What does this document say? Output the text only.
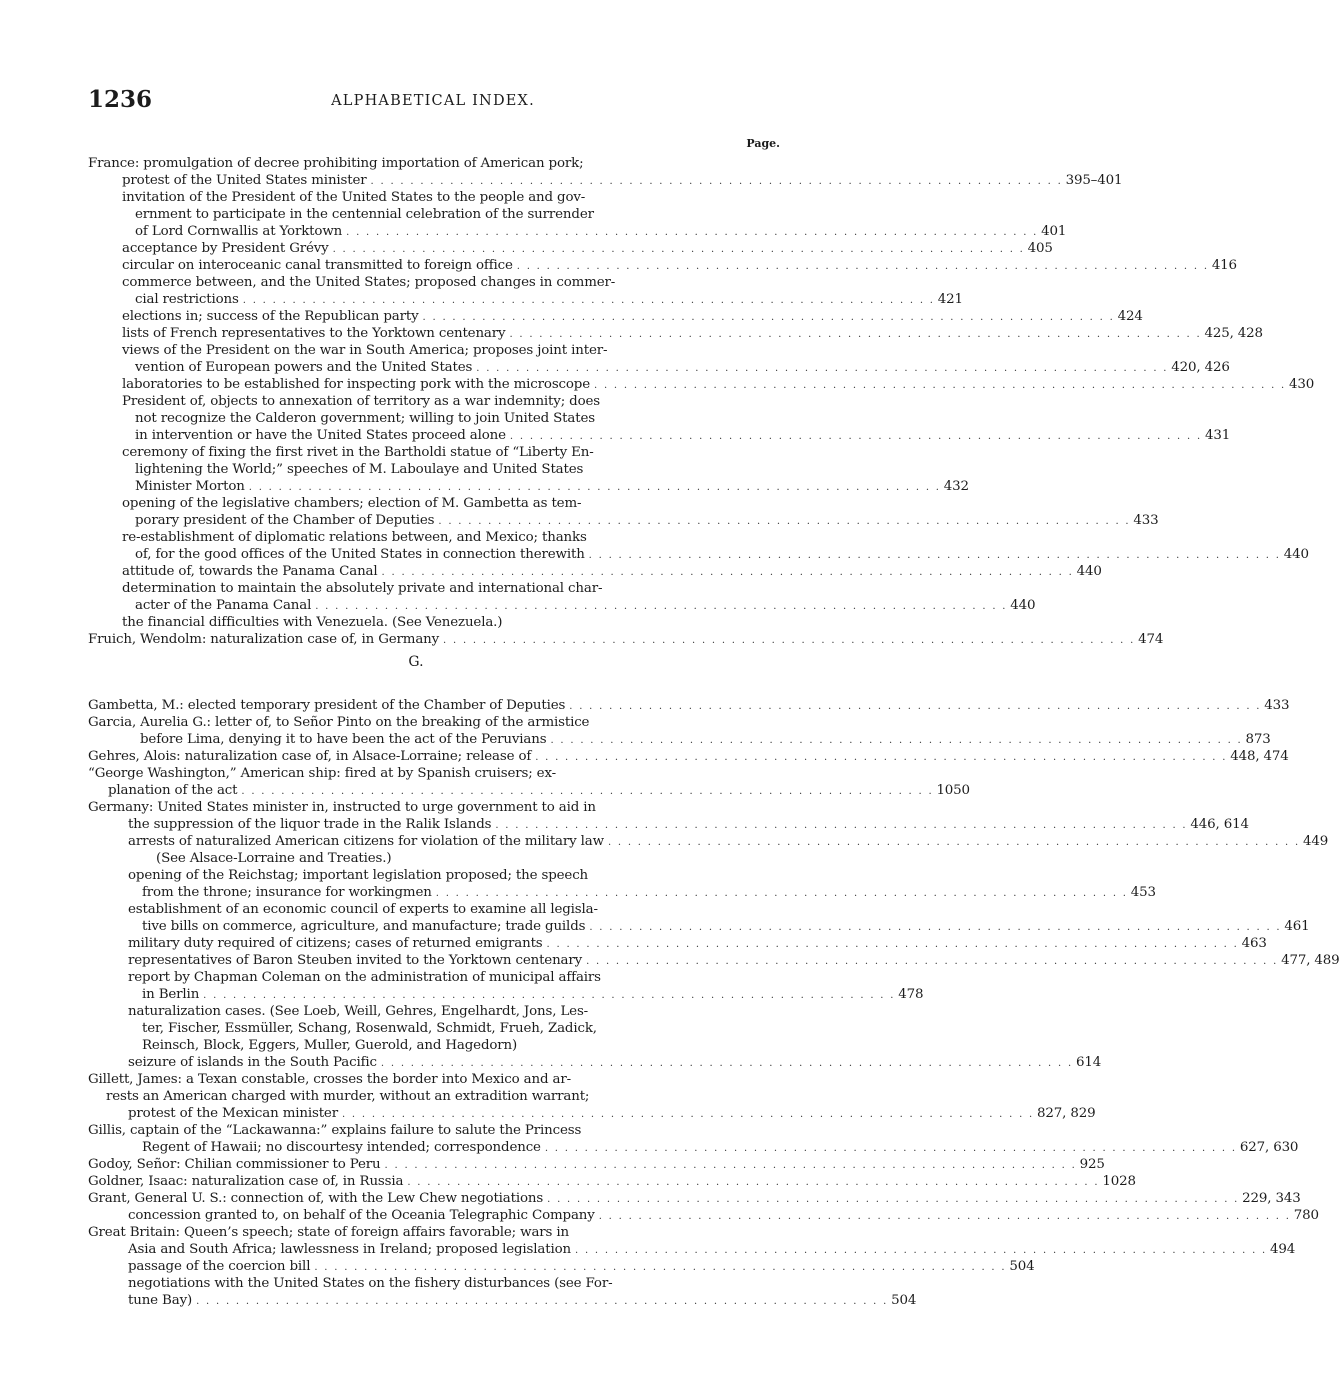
1236	ALPHABETICAL INDEX.
Page.
G.
France: promulgation of decree prohibiting importation of American pork;
protest of the United States minister . . . . . . . . . . . . . . . . . . . . . . . . . . . . . . . . . . . . . . . . . . . . . . . . . . . . . . . . . . . . . . . . . . . . . . 395–401
invitation of the President of the United States to the people and gov-
ernment to participate in the centennial celebration of the surrender
of Lord Cornwallis at Yorktown . . . . . . . . . . . . . . . . . . . . . . . . . . . . . . . . . . . . . . . . . . . . . . . . . . . . . . . . . . . . . . . . . . . . . . 401
acceptance by President Grévy . . . . . . . . . . . . . . . . . . . . . . . . . . . . . . . . . . . . . . . . . . . . . . . . . . . . . . . . . . . . . . . . . . . . . . 405
circular on interoceanic canal transmitted to foreign office . . . . . . . . . . . . . . . . . . . . . . . . . . . . . . . . . . . . . . . . . . . . . . . . . . . . . . . . . . . . . . . . . . . . . . 416
commerce between, and the United States; proposed changes in commer-
cial restrictions . . . . . . . . . . . . . . . . . . . . . . . . . . . . . . . . . . . . . . . . . . . . . . . . . . . . . . . . . . . . . . . . . . . . . . 421
elections in; success of the Republican party . . . . . . . . . . . . . . . . . . . . . . . . . . . . . . . . . . . . . . . . . . . . . . . . . . . . . . . . . . . . . . . . . . . . . . 424
lists of French representatives to the Yorktown centenary . . . . . . . . . . . . . . . . . . . . . . . . . . . . . . . . . . . . . . . . . . . . . . . . . . . . . . . . . . . . . . . . . . . . . . 425, 428
views of the President on the war in South America; proposes joint inter-
vention of European powers and the United States . . . . . . . . . . . . . . . . . . . . . . . . . . . . . . . . . . . . . . . . . . . . . . . . . . . . . . . . . . . . . . . . . . . . . . 420, 426
laboratories to be established for inspecting pork with the microscope . . . . . . . . . . . . . . . . . . . . . . . . . . . . . . . . . . . . . . . . . . . . . . . . . . . . . . . . . . . . . . . . . . . . . . 430
President of, objects to annexation of territory as a war indemnity; does
not recognize the Calderon government; willing to join United States
in intervention or have the United States proceed alone . . . . . . . . . . . . . . . . . . . . . . . . . . . . . . . . . . . . . . . . . . . . . . . . . . . . . . . . . . . . . . . . . . . . . . 431
ceremony of fixing the first rivet in the Bartholdi statue of “Liberty En-
lightening the World;” speeches of M. Laboulaye and United States
Minister Morton . . . . . . . . . . . . . . . . . . . . . . . . . . . . . . . . . . . . . . . . . . . . . . . . . . . . . . . . . . . . . . . . . . . . . . 432
opening of the legislative chambers; election of M. Gambetta as tem-
porary president of the Chamber of Deputies . . . . . . . . . . . . . . . . . . . . . . . . . . . . . . . . . . . . . . . . . . . . . . . . . . . . . . . . . . . . . . . . . . . . . . 433
re-establishment of diplomatic relations between, and Mexico; thanks
of, for the good offices of the United States in connection therewith . . . . . . . . . . . . . . . . . . . . . . . . . . . . . . . . . . . . . . . . . . . . . . . . . . . . . . . . . . . . . . . . . . . . . . 440
attitude of, towards the Panama Canal . . . . . . . . . . . . . . . . . . . . . . . . . . . . . . . . . . . . . . . . . . . . . . . . . . . . . . . . . . . . . . . . . . . . . . 440
determination to maintain the absolutely private and international char-
acter of the Panama Canal . . . . . . . . . . . . . . . . . . . . . . . . . . . . . . . . . . . . . . . . . . . . . . . . . . . . . . . . . . . . . . . . . . . . . . 440
the financial difficulties with Venezuela. (See Venezuela.)
Fruich, Wendolm: naturalization case of, in Germany . . . . . . . . . . . . . . . . . . . . . . . . . . . . . . . . . . . . . . . . . . . . . . . . . . . . . . . . . . . . . . . . . . . . . . 474
Gambetta, M.: elected temporary president of the Chamber of Deputies . . . . . . . . . . . . . . . . . . . . . . . . . . . . . . . . . . . . . . . . . . . . . . . . . . . . . . . . . . . . . . . . . . . . . . 433
Garcia, Aurelia G.: letter of, to Señor Pinto on the breaking of the armistice
before Lima, denying it to have been the act of the Peruvians . . . . . . . . . . . . . . . . . . . . . . . . . . . . . . . . . . . . . . . . . . . . . . . . . . . . . . . . . . . . . . . . . . . . . . 873
Gehres, Alois: naturalization case of, in Alsace-Lorraine; release of . . . . . . . . . . . . . . . . . . . . . . . . . . . . . . . . . . . . . . . . . . . . . . . . . . . . . . . . . . . . . . . . . . . . . . 448, 474
“George Washington,” American ship: fired at by Spanish cruisers; ex-
planation of the act . . . . . . . . . . . . . . . . . . . . . . . . . . . . . . . . . . . . . . . . . . . . . . . . . . . . . . . . . . . . . . . . . . . . . . 1050
Germany: United States minister in, instructed to urge government to aid in
the suppression of the liquor trade in the Ralik Islands . . . . . . . . . . . . . . . . . . . . . . . . . . . . . . . . . . . . . . . . . . . . . . . . . . . . . . . . . . . . . . . . . . . . . . 446, 614
arrests of naturalized American citizens for violation of the military law . . . . . . . . . . . . . . . . . . . . . . . . . . . . . . . . . . . . . . . . . . . . . . . . . . . . . . . . . . . . . . . . . . . . . . 449
(See Alsace-Lorraine and Treaties.)
opening of the Reichstag; important legislation proposed; the speech
from the throne; insurance for workingmen . . . . . . . . . . . . . . . . . . . . . . . . . . . . . . . . . . . . . . . . . . . . . . . . . . . . . . . . . . . . . . . . . . . . . . 453
establishment of an economic council of experts to examine all legisla-
tive bills on commerce, agriculture, and manufacture; trade guilds . . . . . . . . . . . . . . . . . . . . . . . . . . . . . . . . . . . . . . . . . . . . . . . . . . . . . . . . . . . . . . . . . . . . . . 461
military duty required of citizens; cases of returned emigrants . . . . . . . . . . . . . . . . . . . . . . . . . . . . . . . . . . . . . . . . . . . . . . . . . . . . . . . . . . . . . . . . . . . . . . 463
representatives of Baron Steuben invited to the Yorktown centenary . . . . . . . . . . . . . . . . . . . . . . . . . . . . . . . . . . . . . . . . . . . . . . . . . . . . . . . . . . . . . . . . . . . . . . 477, 489
report by Chapman Coleman on the administration of municipal affairs
in Berlin . . . . . . . . . . . . . . . . . . . . . . . . . . . . . . . . . . . . . . . . . . . . . . . . . . . . . . . . . . . . . . . . . . . . . . 478
naturalization cases. (See Loeb, Weill, Gehres, Engelhardt, Jons, Les-
ter, Fischer, Essmüller, Schang, Rosenwald, Schmidt, Frueh, Zadick,
Reinsch, Block, Eggers, Muller, Guerold, and Hagedorn)
seizure of islands in the South Pacific . . . . . . . . . . . . . . . . . . . . . . . . . . . . . . . . . . . . . . . . . . . . . . . . . . . . . . . . . . . . . . . . . . . . . . 614
Gillett, James: a Texan constable, crosses the border into Mexico and ar-
rests an American charged with murder, without an extradition warrant;
protest of the Mexican minister . . . . . . . . . . . . . . . . . . . . . . . . . . . . . . . . . . . . . . . . . . . . . . . . . . . . . . . . . . . . . . . . . . . . . . 827, 829
Gillis, captain of the “Lackawanna:” explains failure to salute the Princess
Regent of Hawaii; no discourtesy intended; correspondence . . . . . . . . . . . . . . . . . . . . . . . . . . . . . . . . . . . . . . . . . . . . . . . . . . . . . . . . . . . . . . . . . . . . . . 627, 630
Godoy, Señor: Chilian commissioner to Peru . . . . . . . . . . . . . . . . . . . . . . . . . . . . . . . . . . . . . . . . . . . . . . . . . . . . . . . . . . . . . . . . . . . . . . 925
Goldner, Isaac: naturalization case of, in Russia . . . . . . . . . . . . . . . . . . . . . . . . . . . . . . . . . . . . . . . . . . . . . . . . . . . . . . . . . . . . . . . . . . . . . . 1028
Grant, General U. S.: connection of, with the Lew Chew negotiations . . . . . . . . . . . . . . . . . . . . . . . . . . . . . . . . . . . . . . . . . . . . . . . . . . . . . . . . . . . . . . . . . . . . . . 229, 343
concession granted to, on behalf of the Oceania Telegraphic Company . . . . . . . . . . . . . . . . . . . . . . . . . . . . . . . . . . . . . . . . . . . . . . . . . . . . . . . . . . . . . . . . . . . . . . 780
Great Britain: Queen’s speech; state of foreign affairs favorable; wars in
Asia and South Africa; lawlessness in Ireland; proposed legislation . . . . . . . . . . . . . . . . . . . . . . . . . . . . . . . . . . . . . . . . . . . . . . . . . . . . . . . . . . . . . . . . . . . . . . 494
passage of the coercion bill . . . . . . . . . . . . . . . . . . . . . . . . . . . . . . . . . . . . . . . . . . . . . . . . . . . . . . . . . . . . . . . . . . . . . . 504
negotiations with the United States on the fishery disturbances (see For-
tune Bay) . . . . . . . . . . . . . . . . . . . . . . . . . . . . . . . . . . . . . . . . . . . . . . . . . . . . . . . . . . . . . . . . . . . . . . 504
